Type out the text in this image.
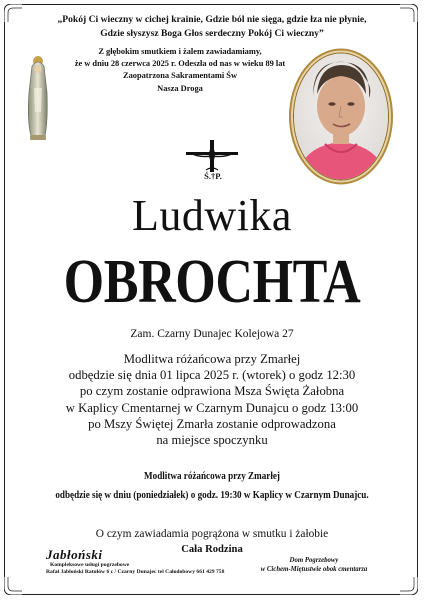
„Pokój Ci wieczny w cichej krainie, Gdzie ból nie sięga, gdzie łza nie płynie,
Gdzie słyszysz Boga Głos serdeczny Pokój Ci wieczny”
Z głębokim smutkiem i żalem zawiadamiamy,
że w dniu 28 czerwca 2025 r. Odeszła od nas w wieku 89 lat
Zaopatrzona Sakramentami Św
Nasza Droga
Ś.†P.
Ludwika
OBROCHTA
Zam. Czarny Dunajec Kolejowa 27
Modlitwa różańcowa przy Zmarłej
odbędzie się dnia 01 lipca 2025 r. (wtorek) o godz 12:30
po czym zostanie odprawiona Msza Święta Żałobna
w Kaplicy Cmentarnej w Czarnym Dunajcu o godz 13:00
po Mszy Świętej Zmarła zostanie odprowadzona
na miejsce spoczynku
Modlitwa różańcowa przy Zmarłej
odbędzie się w dniu (poniedziałek) o godz. 19:30 w Kaplicy w Czarnym Dunajcu.
O czym zawiadamia pogrążona w smutku i żałobie
Cała Rodzina
Jabłoński
Kompleksowe usługi pogrzebowe
Rafał Jabłoński Ratułów 6 c / Czarny Dunajec tel Całodobowy 661 429 758
Dom Pogrzebowy
w Cichem-Miętustwie obok cmentarza
